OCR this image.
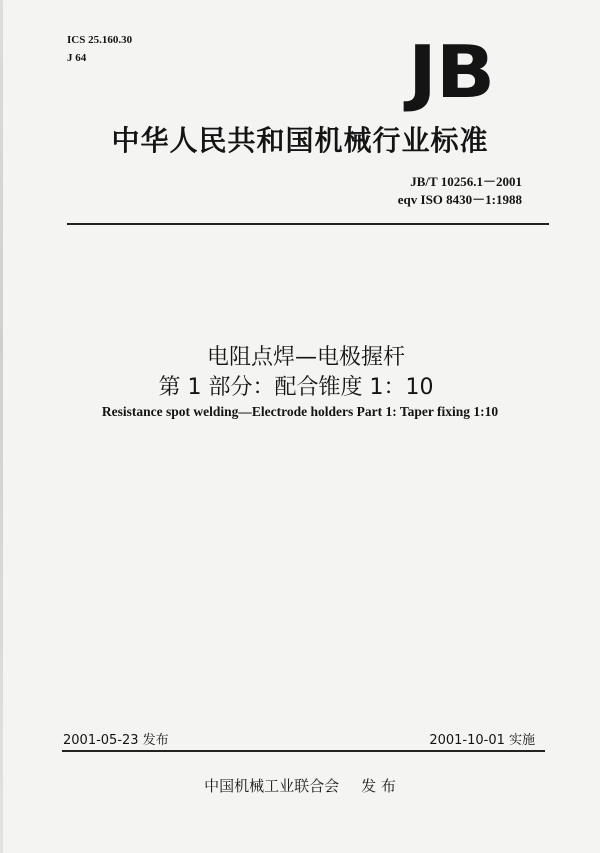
ICS 25.160.30
J 64	JB
中华人民共和国机械行业标准
JB/T 10256.1－2001
eqv ISO 8430－1:1988
电阻点焊—电极握杆
第 1 部分：配合锥度 1：10
Resistance spot welding—Electrode holders Part 1: Taper fixing 1:10
2001-05-23 发布	2001-10-01 实施
中国机械工业联合会 发 布
